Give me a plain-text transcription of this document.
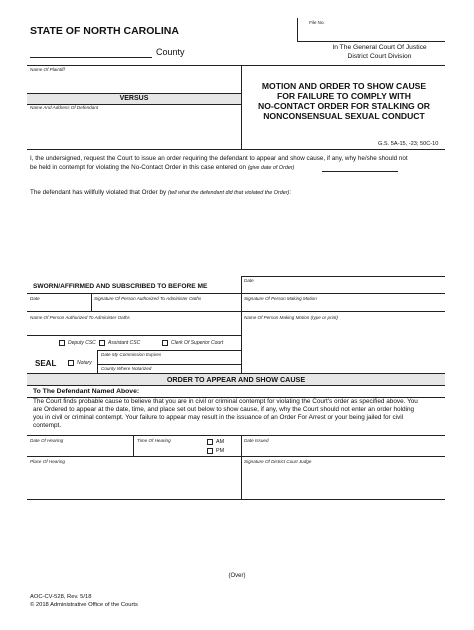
STATE OF NORTH CAROLINA
County
File No.
In The General Court Of Justice
District Court Division
Name Of Plaintiff
VERSUS
Name And Address Of Defendant
MOTION AND ORDER TO SHOW CAUSE
FOR FAILURE TO COMPLY WITH
NO-CONTACT ORDER FOR STALKING OR
NONCONSENSUAL SEXUAL CONDUCT
G.S. 5A-15, -23; 50C-10
I, the undersigned, request the Court to issue an order requiring the defendant to appear and show cause, if any, why he/she should not
be held in contempt for violating the No-Contact Order in this case entered on (give date of Order)
The defendant has willfully violated that Order by (tell what the defendant did that violated the Order):
Date
SWORN/AFFIRMED AND SUBSCRIBED TO BEFORE ME
Date	Signature Of Person Authorized To Administer Oaths	Signature Of Person Making Motion
Name Of Person Authorized To Administer Oaths	Name Of Person Making Motion (type or print)
Deputy CSC Assistant CSC	Clerk Of Superior Court
SEAL	Notary
Date My Commission Expires
County Where Notarized
ORDER TO APPEAR AND SHOW CAUSE
To The Defendant Named Above:
The Court finds probable cause to believe that you are in civil or criminal contempt for violating the Court's order as specified above. You
are Ordered to appear at the date, time, and place set out below to show cause, if any, why the Court should not enter an order holding
you in civil or criminal contempt. Your failure to appear may result in the issuance of an Order For Arrest or your being jailed for civil
contempt.
Date Of Hearing	Time Of Hearing	Date Issued
AM
PM
Place Of Hearing	Signature Of District Court Judge
(Over)
AOC-CV-528, Rev. 5/18
© 2018 Administrative Office of the Courts
